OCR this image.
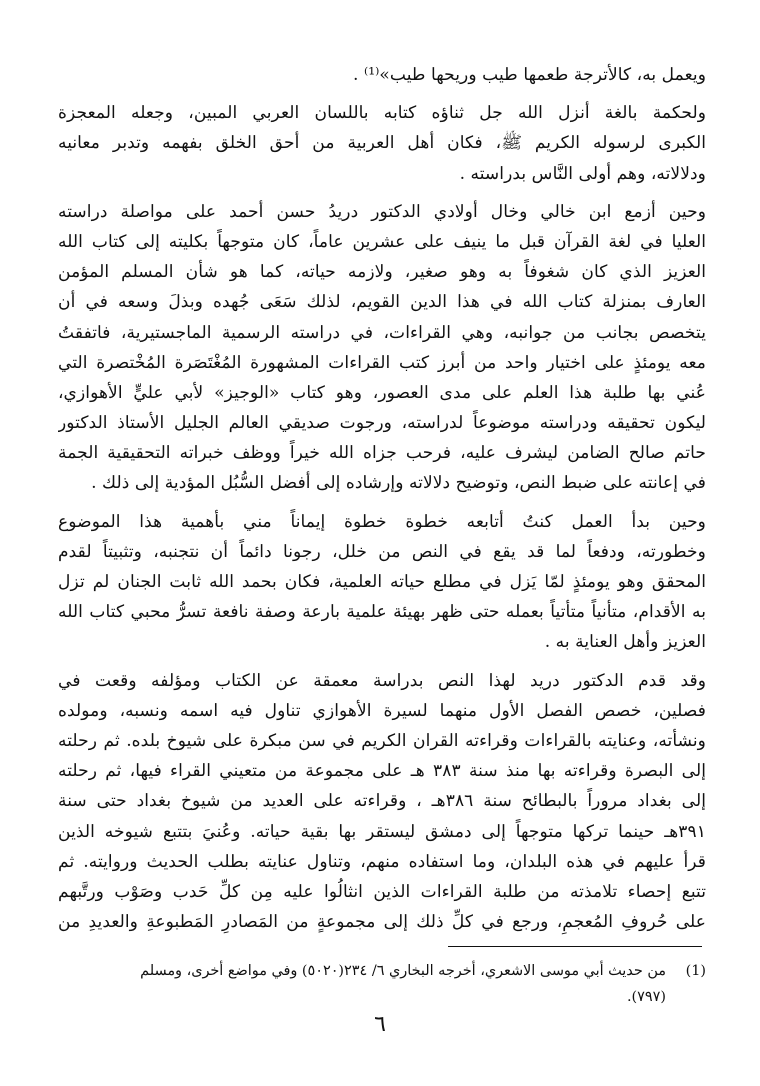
ويعمل به، كالأترجة طعمها طيب وريحها طيب»⁽¹⁾ .
ولحكمة بالغة أنزل الله جل ثناؤه كتابه باللسان العربي المبين، وجعله المعجزة
الكبرى لرسوله الكريم ﷺ، فكان أهل العربية من أحق الخلق بفهمه وتدبر معانيه
ودلالاته، وهم أولى النَّاس بدراسته .
وحين أزمع ابن خالي وخال أولادي الدكتور دريدُ حسن أحمد على مواصلة دراسته
العليا في لغة القرآن قبل ما ينيف على عشرين عاماً، كان متوجهاً بكليته إلى كتاب الله
العزيز الذي كان شغوفاً به وهو صغير، ولازمه حياته، كما هو شأن المسلم المؤمن
العارف بمنزلة كتاب الله في هذا الدين القويم، لذلك سَعَى جُهده وبذلَ وسعه في أن
يتخصص بجانب من جوانبه، وهي القراءات، في دراسته الرسمية الماجستيرية، فاتفقتُ
معه يومئذٍ على اختيار واحد من أبرز كتب القراءات المشهورة المُغْتَصَرة المُخْتصرة التي
عُني بها طلبة هذا العلم على مدى العصور، وهو كتاب «الوجيز» لأبي عليٍّ الأهوازي،
ليكون تحقيقه ودراسته موضوعاً لدراسته، ورجوت صديقي العالم الجليل الأستاذ الدكتور
حاتم صالح الضامن ليشرف عليه، فرحب جزاه الله خيراً ووظف خبراته التحقيقية الجمة
في إعانته على ضبط النص، وتوضيح دلالاته وإرشاده إلى أفضل السُّبُل المؤدية إلى ذلك .
وحين بدأ العمل كنتُ أتابعه خطوة خطوة إيماناً مني بأهمية هذا الموضوع
وخطورته، ودفعاً لما قد يقع في النص من خلل، رجونا دائماً أن نتجنبه، وتثبيتاً لقدم
المحقق وهو يومئذٍ لمّا يَزل في مطلع حياته العلمية، فكان بحمد الله ثابت الجنان لم تزل
به الأقدام، متأنياً متأتياً بعمله حتى ظهر بهيئة علمية بارعة وصفة نافعة تسرُّ محبي كتاب الله
العزيز وأهل العناية به .
وقد قدم الدكتور دريد لهذا النص بدراسة معمقة عن الكتاب ومؤلفه وقعت في
فصلين، خصص الفصل الأول منهما لسيرة الأهوازي تناول فيه اسمه ونسبه، ومولده
ونشأته، وعنايته بالقراءات وقراءته القران الكريم في سن مبكرة على شيوخ بلده. ثم رحلته
إلى البصرة وقراءته بها منذ سنة ٣٨٣ هـ على مجموعة من متعيني القراء فيها، ثم رحلته
إلى بغداد مروراً بالبطائح سنة ٣٨٦هـ ، وقراءته على العديد من شيوخ بغداد حتى سنة
٣٩١هـ حينما تركها متوجهاً إلى دمشق ليستقر بها بقية حياته. وعُنيَ بتتبع شيوخه الذين
قرأ عليهم في هذه البلدان، وما استفاده منهم، وتناول عنايته بطلب الحديث وروايته. ثم
تتبع إحصاء تلامذته من طلبة القراءات الذين انثالُوا عليه مِن كلِّ حَدب وصَوْب ورتَّبهم
على حُروفِ المُعجمِ، ورجع في كلِّ ذلك إلى مجموعةٍ من المَصادرِ المَطبوعةِ والعديدِ من
(1)من حديث أبي موسى الاشعري، أخرجه البخاري ٦/ ٢٣٤(٥٠٢٠) وفي مواضع أخرى، ومسلم
(٧٩٧).
٦
